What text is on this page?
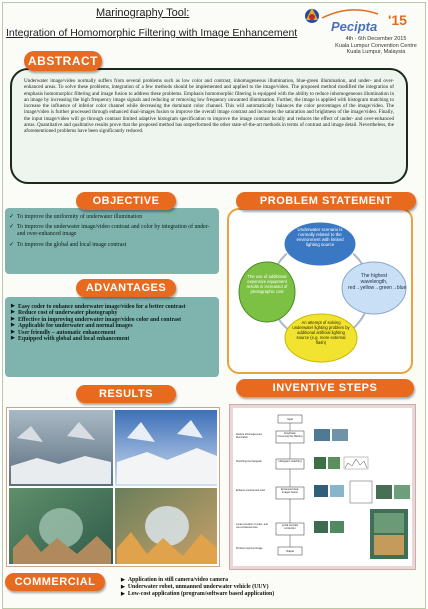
Marinography Tool:
Integration of Homomorphic Filtering with Image Enhancement	Pecipta '15
4th - 6th December 2015
Kuala Lumpur Convention Centre
Kuala Lumpur, Malaysia
Underwater image/video normally suffers from several problems such as low color and contrast, inhomogeneous illumination, blue-green illumination, and under- and over-enhanced areas. To solve these problems, integration of a few methods should be implemented and applied to the image/video. The proposed method modified the integration of emphasis homomorphic filtering and image fusion to address these problems. Emphasis homomorphic filtering is equipped with the ability to reduce inhomogeneous illumination in an image by increasing the high frequency image signals and reducing or removing low frequency unwanted illumination. Further, the image is applied with histogram matching to increase the influence of inferior color channel while decreasing the dominant color channel. This will automatically balances the color percentages of the image/video. The image/video is further processed through enhanced dual-images fusion to improve the overall image contrast and increases the saturation and brightness of the image/video. Finally, the input image/video will go through contrast limited adaptive histogram specification to improve the image contrast locally and reduces the effect of under- and over-enhanced areas. Quantitative and qualitative results prove that the proposed method has outperformed the other state-of-the-art methods in terms of contrast and image detail. Nevertheless, the aforementioned problems have been significantly reduced.
ABSTRACT
✓ To improve the uniformity of underwater illumination
✓ To improve the underwater image/video contrast and color by integration of under- and over-enhanced image
✓ To improve the global and local image contrast
OBJECTIVE
▶ Easy coder to enhance underwater image/video for a better contrast
▶ Reduce cost of underwater photography
▶ Effective in improving underwater image/video color and contrast
▶ Applicable for underwater and normal images
▶ User friendly – automatic enhancement
▶ Equipped with global and local enhancement
ADVANTAGES
Underwater scenario is normally related to the environment with limited lighting source
The highest wavelength, red→yellow→green→blue
An attempt of solving underwater lighting problem by additional artificial lighting source (e.g. more external flash)
The use of additional expensive equipment results in increased of photographic cost
PROBLEM STATEMENT
RESULTS
Input
Emphasis homomorphic filtering
Histogram matching
Enhanced dual-images fusion
Local contrast correction
Output
Reduce inhomogeneous illumination
Stretching the histogram
Enhance contrast and color
Local correction of under- and over-enhanced area
Produce improved image
INVENTIVE STEPS
COMMERCIAL	▶ Application in still camera/video camera
▶ Underwater robot, unmanned underwater vehicle (UUV)
▶ Low-cost application (program/software based application)
